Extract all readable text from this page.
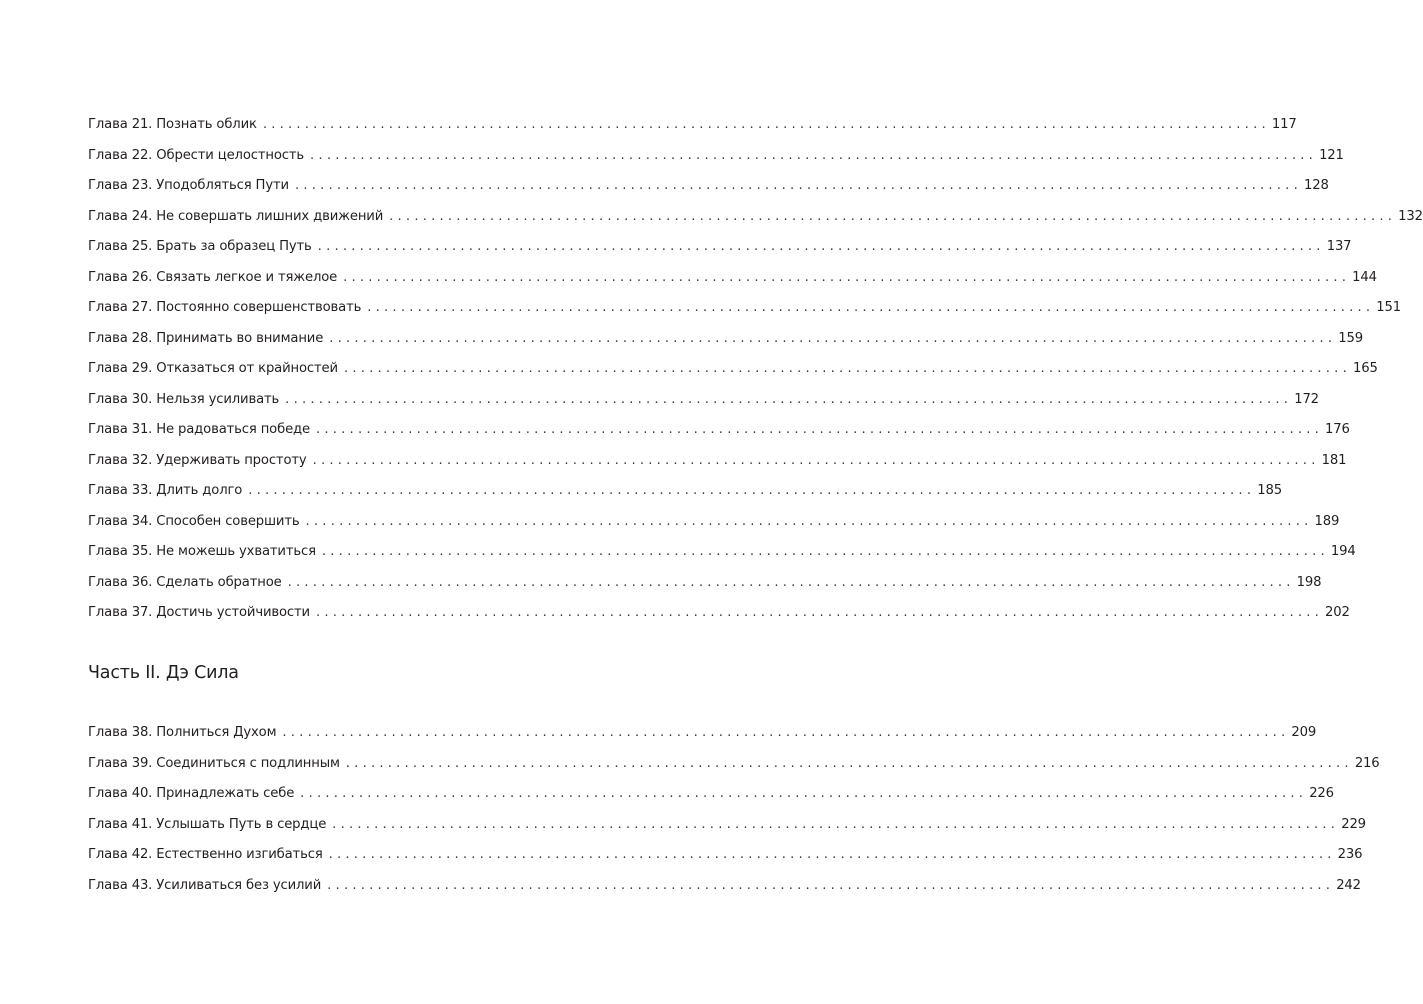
Глава 21. Познать облик ........................................................................................................................ 117
Глава 22. Обрести целостность ........................................................................................................................ 121
Глава 23. Уподобляться Пути ........................................................................................................................ 128
Глава 24. Не совершать лишних движений ........................................................................................................................ 132
Глава 25. Брать за образец Путь ........................................................................................................................ 137
Глава 26. Связать легкое и тяжелое ........................................................................................................................ 144
Глава 27. Постоянно совершенствовать ........................................................................................................................ 151
Глава 28. Принимать во внимание ........................................................................................................................ 159
Глава 29. Отказаться от крайностей ........................................................................................................................ 165
Глава 30. Нельзя усиливать ........................................................................................................................ 172
Глава 31. Не радоваться победе ........................................................................................................................ 176
Глава 32. Удерживать простоту ........................................................................................................................ 181
Глава 33. Длить долго ........................................................................................................................ 185
Глава 34. Способен совершить ........................................................................................................................ 189
Глава 35. Не можешь ухватиться ........................................................................................................................ 194
Глава 36. Сделать обратное ........................................................................................................................ 198
Глава 37. Достичь устойчивости ........................................................................................................................ 202
Часть II. Дэ Сила
Глава 38. Полниться Духом ........................................................................................................................ 209
Глава 39. Соединиться с подлинным ........................................................................................................................ 216
Глава 40. Принадлежать себе ........................................................................................................................ 226
Глава 41. Услышать Путь в сердце ........................................................................................................................ 229
Глава 42. Естественно изгибаться ........................................................................................................................ 236
Глава 43. Усиливаться без усилий ........................................................................................................................ 242
